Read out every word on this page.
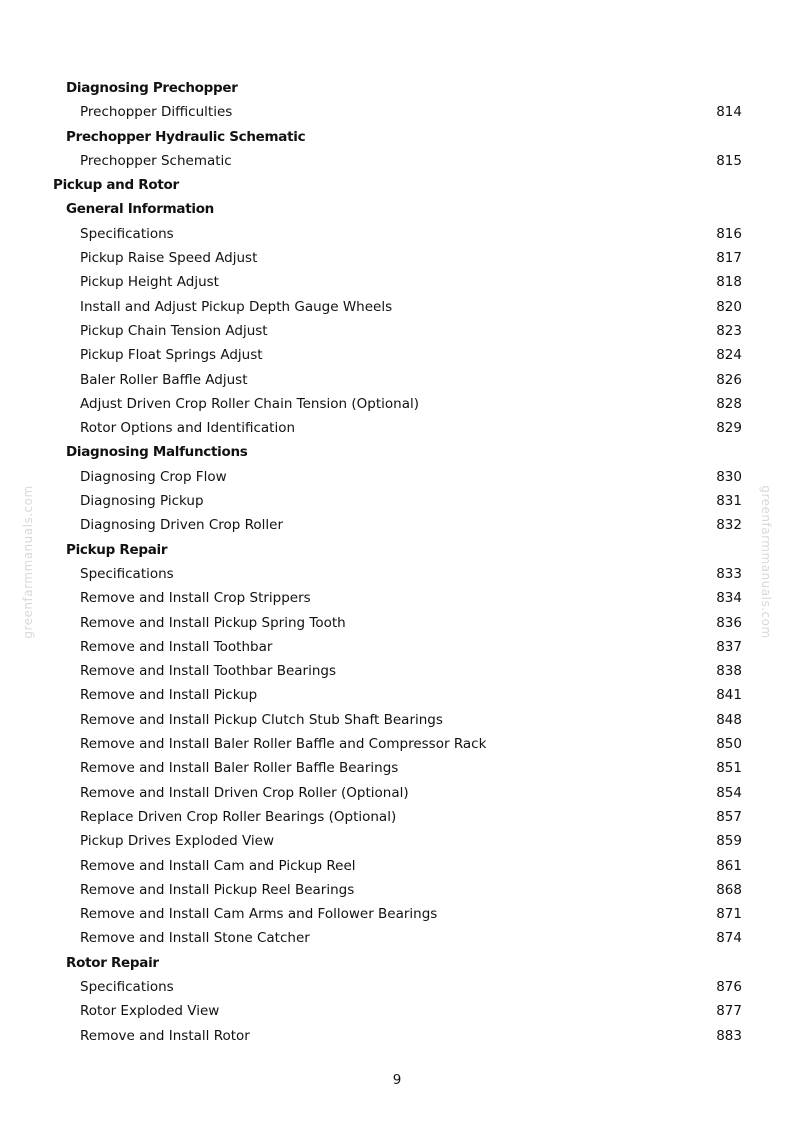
greenfarmmanuals.com	greenfarmmanuals.com
Diagnosing Prechopper
Prechopper Difficulties	814
Prechopper Hydraulic Schematic
Prechopper Schematic	815
Pickup and Rotor
General Information
Specifications	816
Pickup Raise Speed Adjust	817
Pickup Height Adjust	818
Install and Adjust Pickup Depth Gauge Wheels	820
Pickup Chain Tension Adjust	823
Pickup Float Springs Adjust	824
Baler Roller Baffle Adjust	826
Adjust Driven Crop Roller Chain Tension (Optional)	828
Rotor Options and Identification	829
Diagnosing Malfunctions
Diagnosing Crop Flow	830
Diagnosing Pickup	831
Diagnosing Driven Crop Roller	832
Pickup Repair
Specifications	833
Remove and Install Crop Strippers	834
Remove and Install Pickup Spring Tooth	836
Remove and Install Toothbar	837
Remove and Install Toothbar Bearings	838
Remove and Install Pickup	841
Remove and Install Pickup Clutch Stub Shaft Bearings	848
Remove and Install Baler Roller Baffle and Compressor Rack	850
Remove and Install Baler Roller Baffle Bearings	851
Remove and Install Driven Crop Roller (Optional)	854
Replace Driven Crop Roller Bearings (Optional)	857
Pickup Drives Exploded View	859
Remove and Install Cam and Pickup Reel	861
Remove and Install Pickup Reel Bearings	868
Remove and Install Cam Arms and Follower Bearings	871
Remove and Install Stone Catcher	874
Rotor Repair
Specifications	876
Rotor Exploded View	877
Remove and Install Rotor	883
9
